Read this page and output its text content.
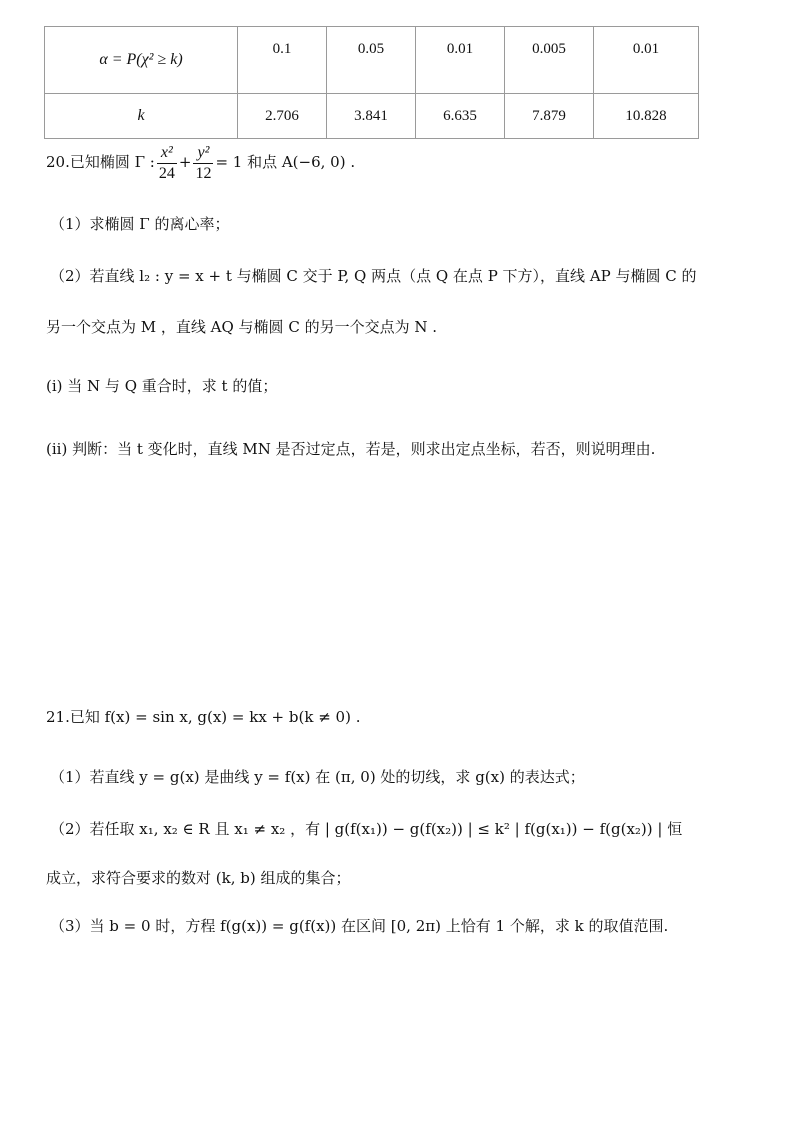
α = P(χ² ≥ k)	0.1	0.05	0.01	0.005	0.01
k	2.706	3.841	6.635	7.879	10.828
20.已知椭圆 Γ : $\frac{\text{x²}}{24} + \frac{\text{y²}}{12} = 1$ 和点 A(−6, 0) .
（1）求椭圆 Γ 的离心率；
（2）若直线 l₂ : y = x + t 与椭圆 C 交于 P, Q 两点（点 Q 在点 P 下方），直线 AP 与椭圆 C 的
另一个交点为 M ，直线 AQ 与椭圆 C 的另一个交点为 N .
(i) 当 N 与 Q 重合时，求 t 的值；
(ii) 判断：当 t 变化时，直线 MN 是否过定点，若是，则求出定点坐标，若否，则说明理由.
21.已知 f(x) = sin x, g(x) = kx + b(k ≠ 0) .
（1）若直线 y = g(x) 是曲线 y = f(x) 在 (π, 0) 处的切线，求 g(x) 的表达式；
（2）若任取 x₁, x₂ ∈ R 且 x₁ ≠ x₂ ，有 | g(f(x₁)) − g(f(x₂)) | ≤ k² | f(g(x₁)) − f(g(x₂)) | 恒
成立，求符合要求的数对 (k, b) 组成的集合；
（3）当 b = 0 时，方程 f(g(x)) = g(f(x)) 在区间 [0, 2π) 上恰有 1 个解，求 k 的取值范围.
